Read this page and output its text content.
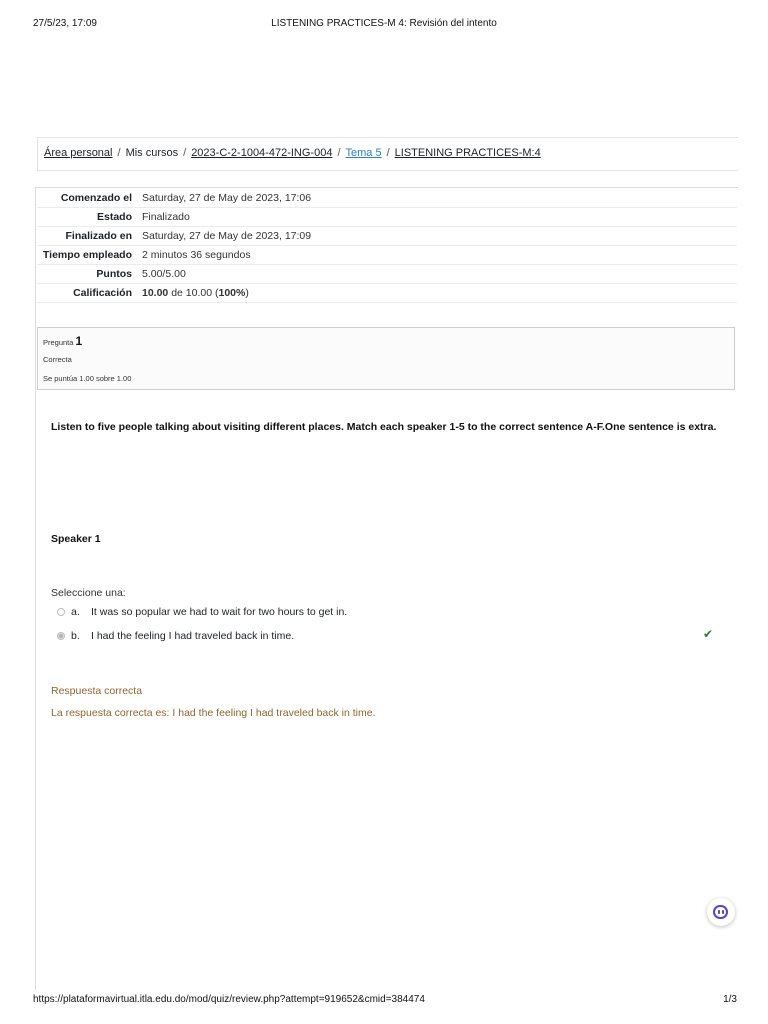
27/5/23, 17:09	LISTENING PRACTICES-M 4: Revisión del intento
Área personal / Mis cursos / 2023-C-2-1004-472-ING-004 / Tema 5 / LISTENING PRACTICES-M:4
Comenzado el	Saturday, 27 de May de 2023, 17:06
Estado	Finalizado
Finalizado en	Saturday, 27 de May de 2023, 17:09
Tiempo empleado	2 minutos 36 segundos
Puntos	5.00/5.00
Calificación	10.00 de 10.00 (100%)
Pregunta 1
Correcta
Se puntúa 1.00 sobre 1.00
Listen to five people talking about visiting different places. Match each speaker 1-5 to the correct sentence A-F.One sentence is extra.
Speaker 1
Seleccione una:
a.	It was so popular we had to wait for two hours to get in.
b.	I had the feeling I had traveled back in time.	✔
Respuesta correcta
La respuesta correcta es: I had the feeling I had traveled back in time.
https://plataformavirtual.itla.edu.do/mod/quiz/review.php?attempt=919652&cmid=384474	1/3
